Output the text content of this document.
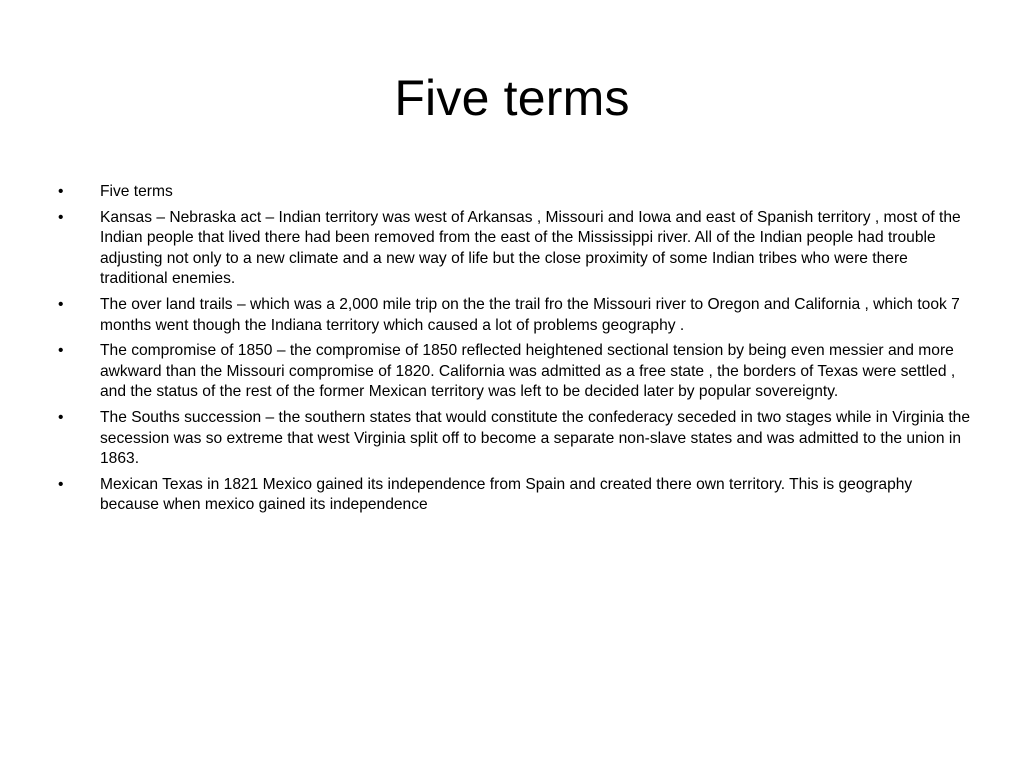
Five terms
•	Five terms
•	Kansas – Nebraska act – Indian territory was west of Arkansas , Missouri and Iowa and east of Spanish territory , most of the Indian people that lived there had been removed from the east of the Mississippi river. All of the Indian people had trouble adjusting not only to a new climate and a new way of life but the close proximity of some Indian tribes who were there traditional enemies.
•	The over land trails – which was a 2,000 mile trip on the the trail fro the Missouri river to Oregon and California , which took 7 months went though the Indiana territory which caused a lot of problems geography .
•	The compromise of 1850 – the compromise of 1850 reflected heightened sectional tension by being even messier and more awkward than the Missouri compromise of 1820. California was admitted as a free state , the borders of Texas were settled , and the status of the rest of the former Mexican territory was left to be decided later by popular sovereignty.
•	The Souths succession – the southern states that would constitute the confederacy seceded in two stages while in Virginia the secession was so extreme that west Virginia split off to become a separate non-slave states and was admitted to the union in 1863.
•	Mexican Texas in 1821 Mexico gained its independence from Spain and created there own territory. This is geography because when mexico gained its independence
